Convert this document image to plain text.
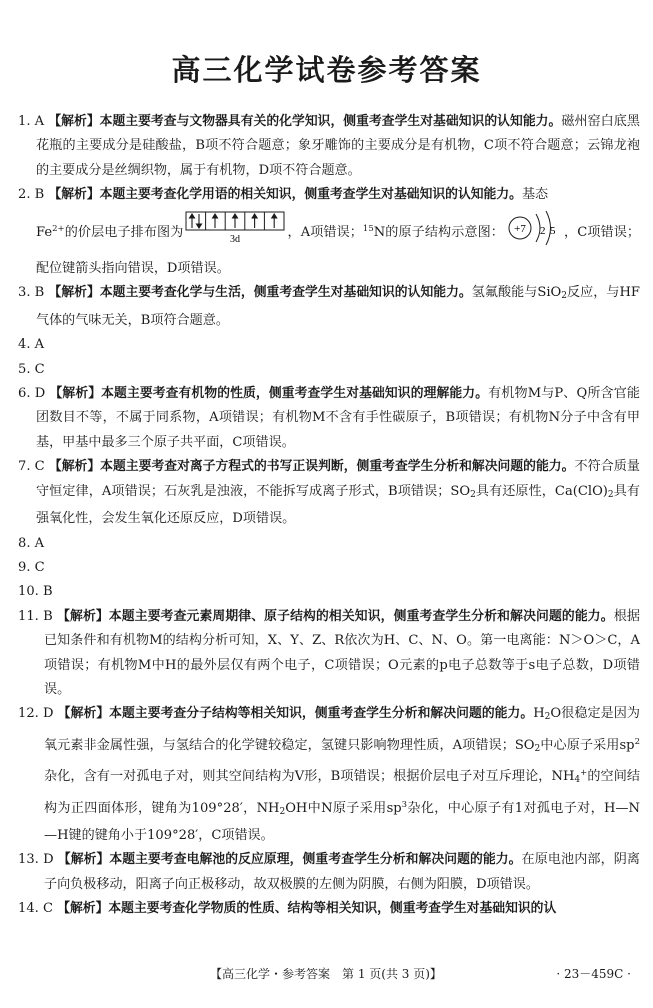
高三化学试卷参考答案

1. A 【解析】本题主要考查与文物器具有关的化学知识，侧重考查学生对基础知识的认知能力。磁州窑白底黑花瓶的主要成分是硅酸盐，B项不符合题意；象牙雕饰的主要成分是有机物，C项不符合题意；云锦龙袍的主要成分是丝绸织物，属于有机物，D项不符合题意。

2. B 【解析】本题主要考查化学用语的相关知识，侧重考查学生对基础知识的认知能力。基态
$Fe^{2+}$的价层电子排布图为	3d	，A项错误；$^{15}$N的原子结构示意图： +7 2 5 ，C项错误；配位键箭头指向错误，D项错误。

3. B 【解析】本题主要考查化学与生活，侧重考查学生对基础知识的认知能力。氢氟酸能与SiO2反应，与HF气体的气味无关，B项符合题意。

4. A

5. C

6. D 【解析】本题主要考查有机物的性质，侧重考查学生对基础知识的理解能力。有机物M与P、Q所含官能团数目不等，不属于同系物，A项错误；有机物M不含有手性碳原子，B项错误；有机物N分子中含有甲基，甲基中最多三个原子共平面，C项错误。

7. C 【解析】本题主要考查对离子方程式的书写正误判断，侧重考查学生分析和解决问题的能力。不符合质量守恒定律，A项错误；石灰乳是浊液，不能拆写成离子形式，B项错误；SO2具有还原性，Ca(ClO)2具有强氧化性，会发生氧化还原反应，D项错误。

8. A

9. C

10. B

11. B 【解析】本题主要考查元素周期律、原子结构的相关知识，侧重考查学生分析和解决问题的能力。根据已知条件和有机物M的结构分析可知，X、Y、Z、R依次为H、C、N、O。第一电离能：N＞O＞C，A项错误；有机物M中H的最外层仅有两个电子，C项错误；O元素的p电子总数等于s电子总数，D项错误。

12. D 【解析】本题主要考查分子结构等相关知识，侧重考查学生分析和解决问题的能力。H2O很稳定是因为氧元素非金属性强，与氢结合的化学键较稳定，氢键只影响物理性质，A项错误；SO2中心原子采用$sp^2$杂化，含有一对孤电子对，则其空间结构为V形，B项错误；根据价层电子对互斥理论，NH4+的空间结构为正四面体形，键角为109°28′，NH2OH中N原子采用$sp^3$杂化，中心原子有1对孤电子对，H—N—H键的键角小于109°28′，C项错误。

13. D 【解析】本题主要考查电解池的反应原理，侧重考查学生分析和解决问题的能力。在原电池内部，阴离子向负极移动，阳离子向正极移动，故双极膜的左侧为阴膜，右侧为阳膜，D项错误。

14. C 【解析】本题主要考查化学物质的性质、结构等相关知识，侧重考查学生对基础知识的认

【高三化学・参考答案　第 1 页(共 3 页)】	· 23－459C ·
